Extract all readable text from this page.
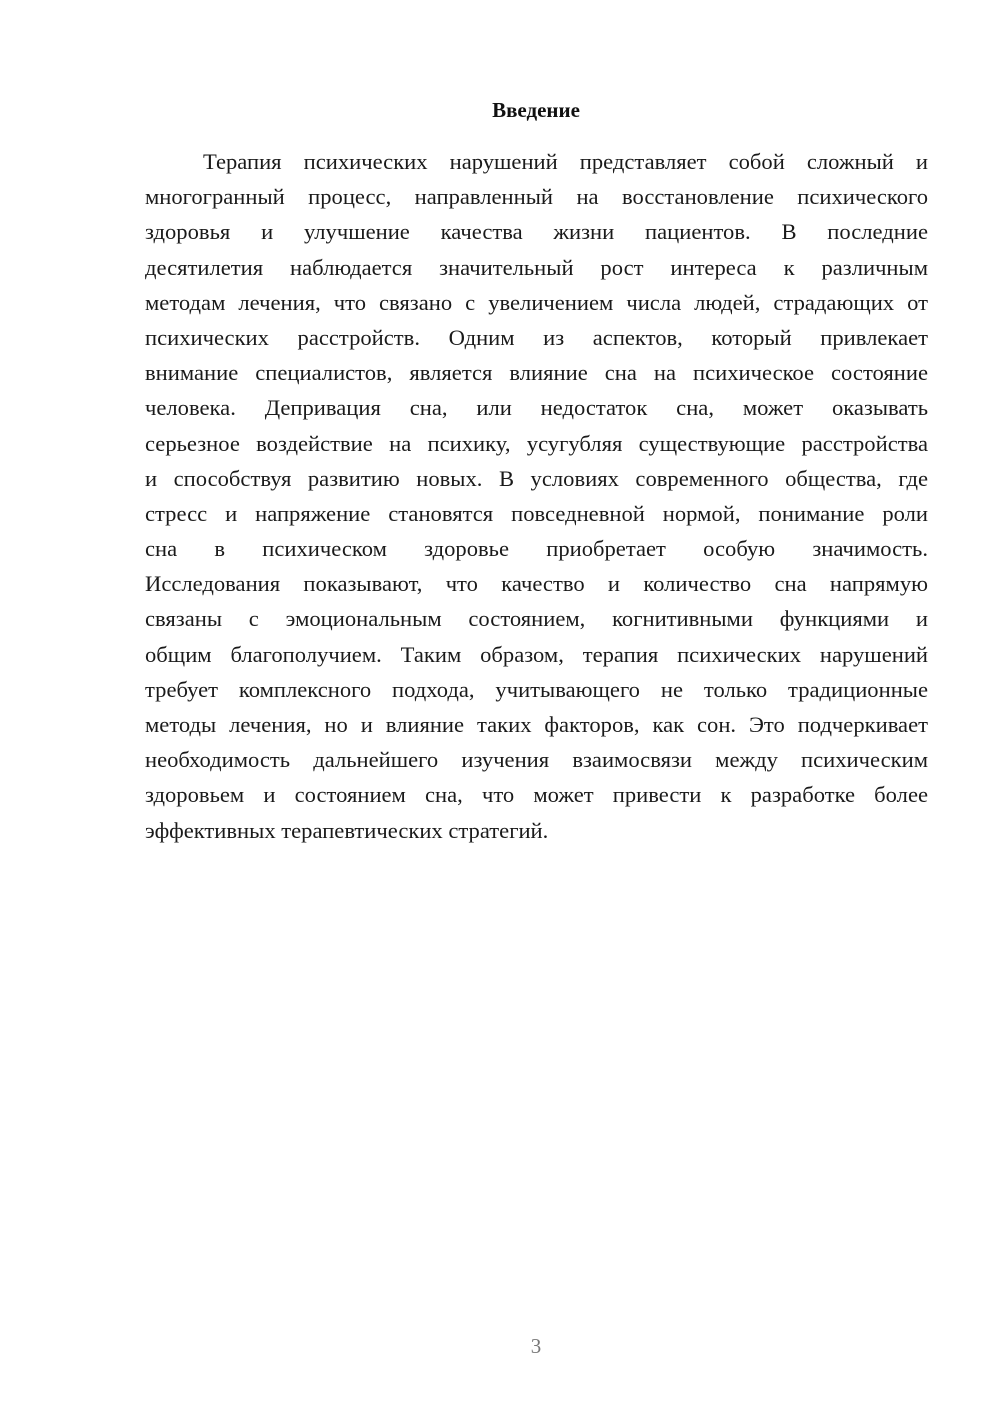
Введение
Терапия психических нарушений представляет собой сложный и
многогранный процесс, направленный на восстановление психического
здоровья и улучшение качества жизни пациентов. В последние
десятилетия наблюдается значительный рост интереса к различным
методам лечения, что связано с увеличением числа людей, страдающих от
психических расстройств. Одним из аспектов, который привлекает
внимание специалистов, является влияние сна на психическое состояние
человека. Депривация сна, или недостаток сна, может оказывать
серьезное воздействие на психику, усугубляя существующие расстройства
и способствуя развитию новых. В условиях современного общества, где
стресс и напряжение становятся повседневной нормой, понимание роли
сна в психическом здоровье приобретает особую значимость.
Исследования показывают, что качество и количество сна напрямую
связаны с эмоциональным состоянием, когнитивными функциями и
общим благополучием. Таким образом, терапия психических нарушений
требует комплексного подхода, учитывающего не только традиционные
методы лечения, но и влияние таких факторов, как сон. Это подчеркивает
необходимость дальнейшего изучения взаимосвязи между психическим
здоровьем и состоянием сна, что может привести к разработке более
эффективных терапевтических стратегий.
3
